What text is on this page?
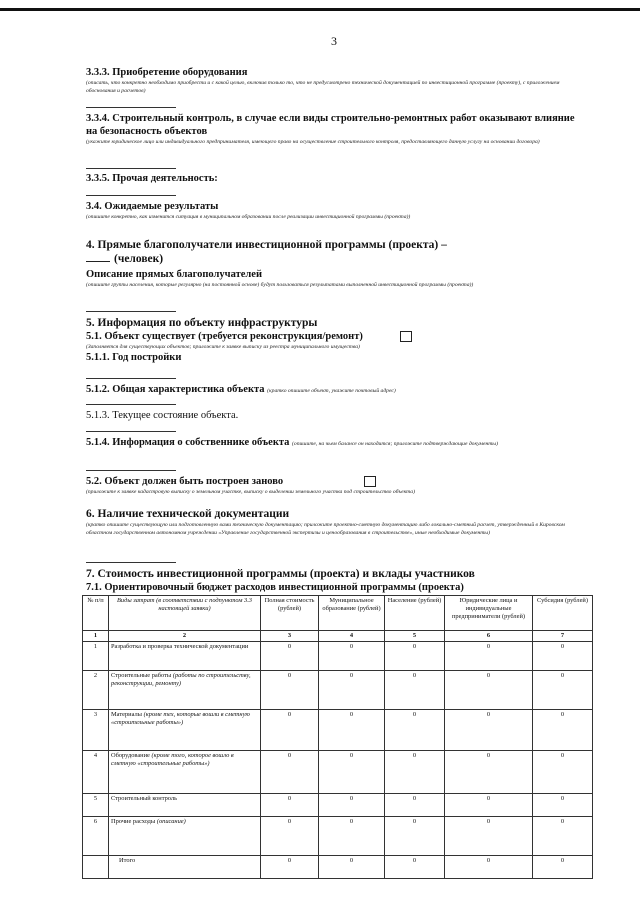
3
3.3.3. Приобретение оборудования
(описать, что конкретно необходимо приобрести и с какой целью, включив только то, что не предусмотрено технической документацией по инвестиционной программе (проекту), с приложением обоснования и расчетов)
3.3.4. Строительный контроль, в случае если виды строительно-ремонтных работ оказывают влияние на безопасность объектов
(укажите юридическое лицо или индивидуального предпринимателя, имеющего право на осуществление строительного контроля, предоставляющего данную услугу на основании договора)
3.3.5. Прочая деятельность:
3.4. Ожидаемые результаты
(опишите конкретно, как изменится ситуация в муниципальном образовании после реализации инвестиционной программы (проекта))
4. Прямые благополучатели инвестиционной программы (проекта) –
(человек)
Описание прямых благополучателей
(опишите группы населения, которые регулярно (на постоянной основе) будут пользоваться результатами выполненной инвестиционной программы (проекта))
5. Информация по объекту инфраструктуры
5.1. Объект существует (требуется реконструкция/ремонт)
(Заполняется для существующих объектов; приложите к заявке выписку из реестра муниципального имущества)
5.1.1. Год постройки
5.1.2. Общая характеристика объекта (кратко опишите объект, укажите почтовый адрес)
5.1.3. Текущее состояние объекта.
5.1.4. Информация о собственнике объекта (опишите, на чьем балансе он находится; приложите подтверждающие документы)
5.2. Объект должен быть построен заново
(приложите к заявке кадастровую выписку о земельном участке, выписку о выделении земельного участка под строительство объекта)
6. Наличие технической документации
(кратко опишите существующую или подготовленную вами техническую документацию; приложите проектно-сметную документацию либо локально-сметный расчет, утвержденный в Кировском областном государственном автономном учреждении «Управление государственной экспертизы и ценообразования в строительстве», иные необходимые документы)
7. Стоимость инвестиционной программы (проекта) и вклады участников
7.1. Ориентировочный бюджет расходов инвестиционной программы (проекта)
№ п/п	Виды затрат (в соответствии с подпунктом 3.3 настоящей заявки)	Полная стоимость (рублей)	Муниципальное образование (рублей)	Население (рублей)	Юридические лица и индивидуальные предприниматели (рублей)	Субсидия (рублей)
1	2	3	4	5	6	7
1	Разработка и проверка технической документации	0	0	0	0	0
2	Строительные работы (работы по строительству, реконструкции, ремонту)	0	0	0	0	0
3	Материалы (кроме тех, которые вошли в сметную «строительные работы»)	0	0	0	0	0
4	Оборудование (кроме того, которое вошло в сметную «строительные работы»)	0	0	0	0	0
5	Строительный контроль	0	0	0	0	0
6	Прочие расходы (описание)	0	0	0	0	0
	Итого	0	0	0	0	0
